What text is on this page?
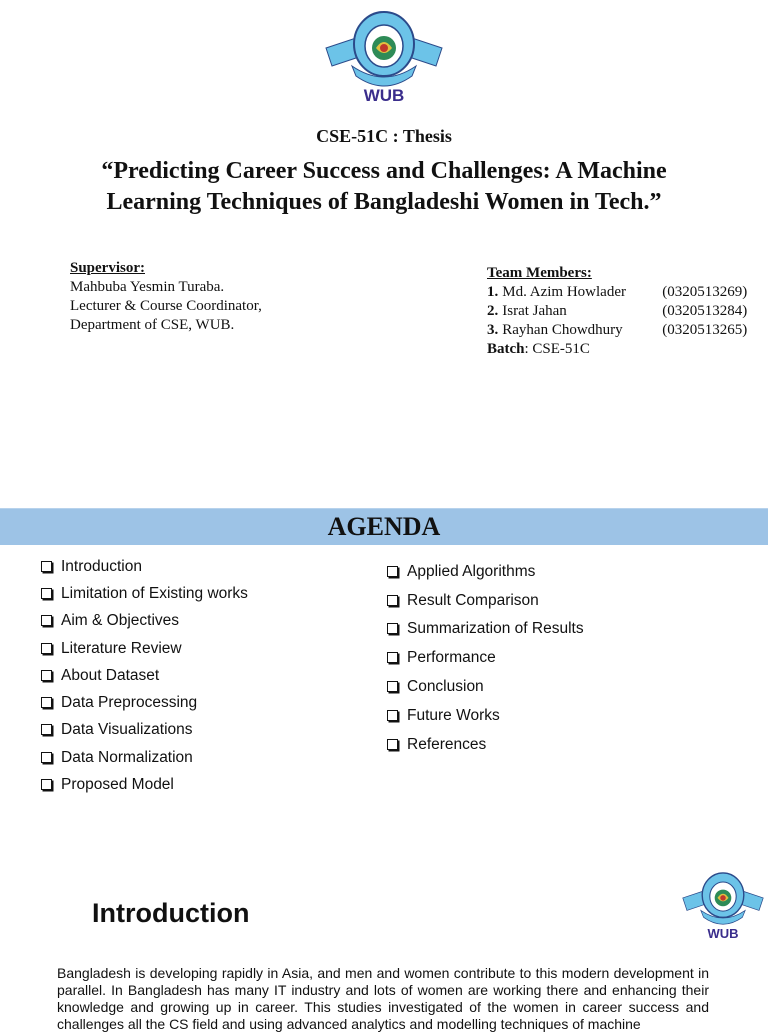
WUB
CSE-51C : Thesis
“Predicting Career Success and Challenges: A Machine
Learning Techniques of Bangladeshi Women in Tech.”
Supervisor:
Mahbuba Yesmin Turaba.
Lecturer & Course Coordinator,
Department of CSE, WUB.
Team Members:
1. Md. Azim Howlader	(0320513269)
2. Israt Jahan	(0320513284)
3. Rayhan Chowdhury	(0320513265)
Batch : CSE-51C
AGENDA
Introduction
Limitation of Existing works
Aim & Objectives
Literature Review
About Dataset
Data Preprocessing
Data Visualizations
Data Normalization
Proposed Model
Applied Algorithms
Result Comparison
Summarization of Results
Performance
Conclusion
Future Works
References
WUB
Introduction
Bangladesh is developing rapidly in Asia, and men and women contribute to this modern development in parallel. In Bangladesh has many IT industry and lots of women are working there and enhancing their knowledge and growing up in career. This studies investigated of the women in career success and challenges all the CS field and using advanced analytics and modelling techniques of machine
